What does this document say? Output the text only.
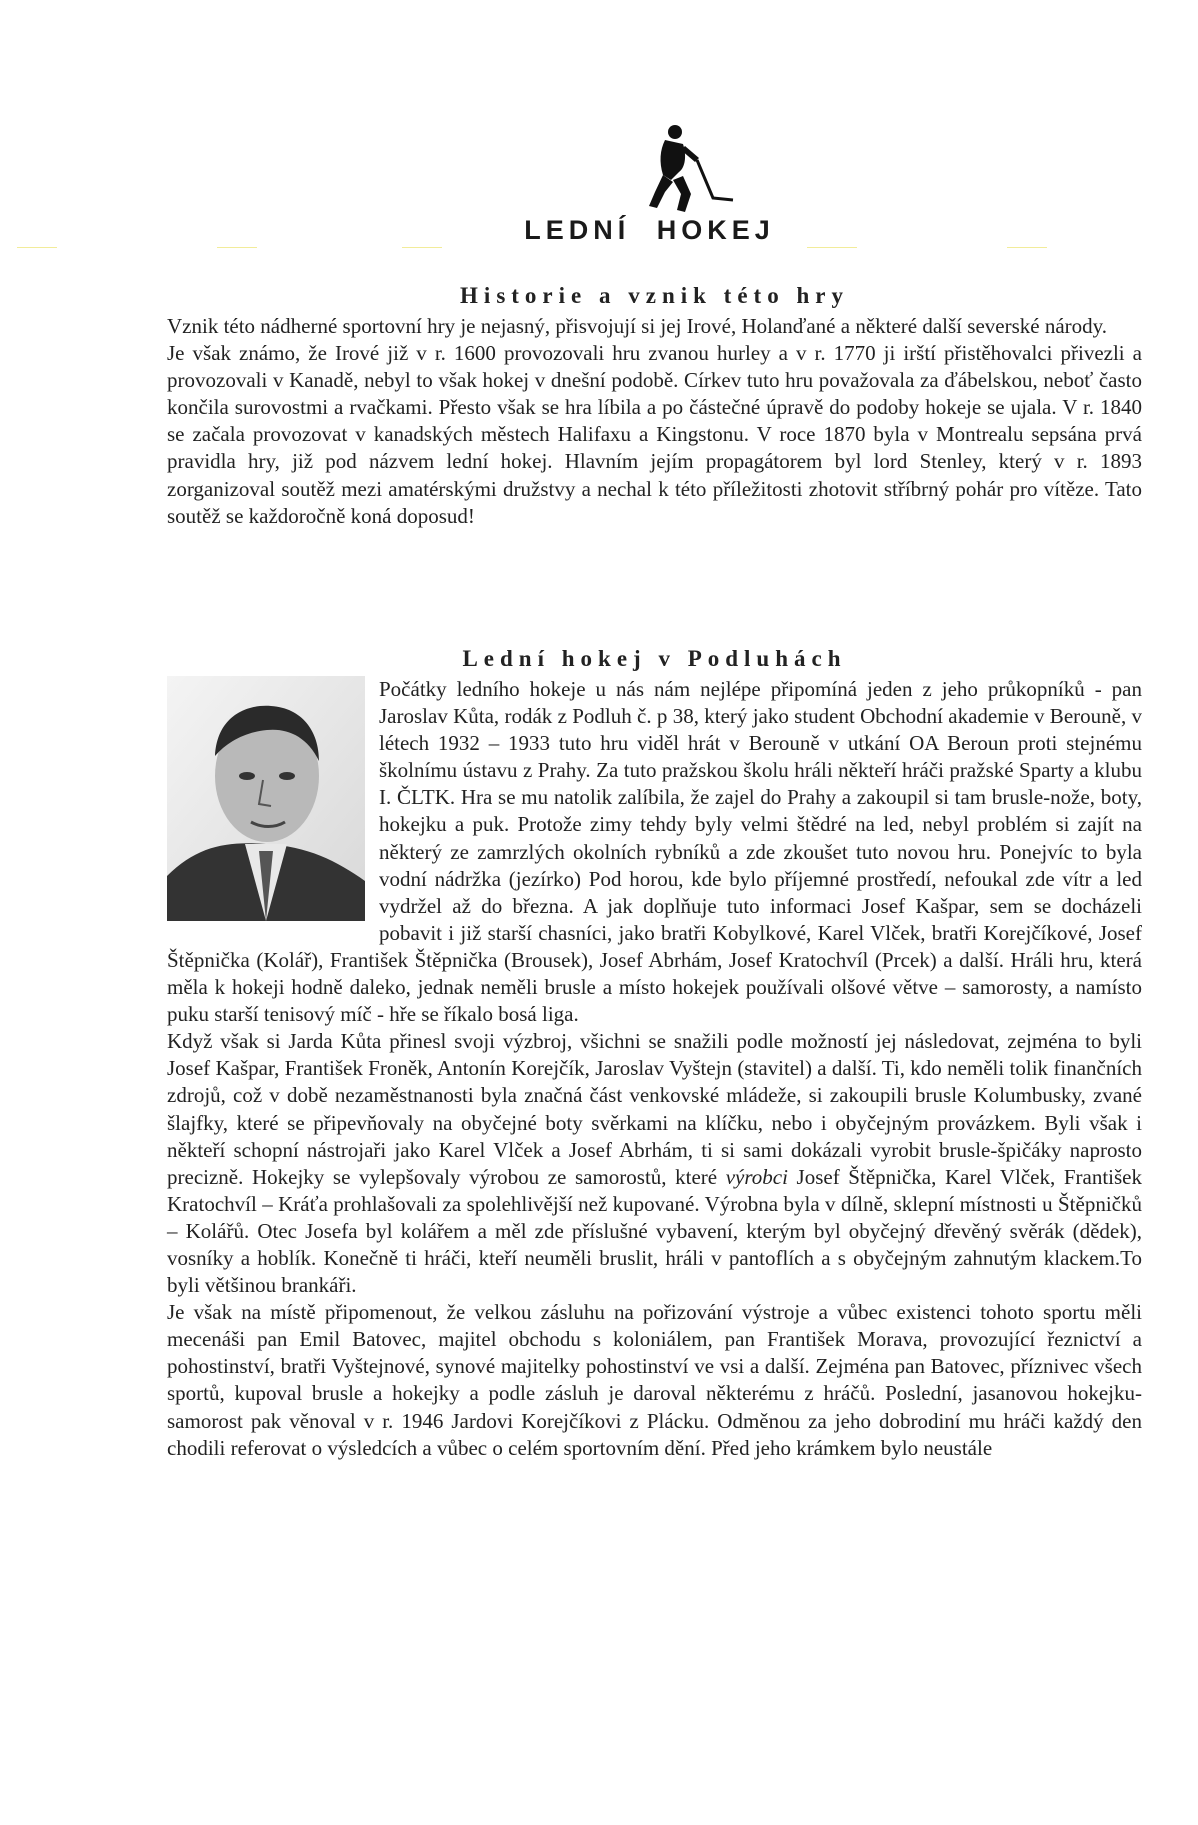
LEDNÍ HOKEJ
Historie a vznik této hry

Vznik této nádherné sportovní hry je nejasný, přisvojují si jej Irové, Holanďané a některé další severské národy.

Je však známo, že Irové již v r. 1600 provozovali hru zvanou hurley a v r. 1770 ji irští přistěhovalci přivezli a provozovali v Kanadě, nebyl to však hokej v dnešní podobě. Církev tuto hru považovala za ďábelskou, neboť často končila surovostmi a rvačkami. Přesto však se hra líbila a po částečné úpravě do podoby hokeje se ujala. V r. 1840 se začala provozovat v kanadských městech Halifaxu a Kingstonu. V roce 1870 byla v Montrealu sepsána prvá pravidla hry, již pod názvem lední hokej. Hlavním jejím propagátorem byl lord Stenley, který v r. 1893 zorganizoval soutěž mezi amatérskými družstvy a nechal k této příležitosti zhotovit stříbrný pohár pro vítěze. Tato soutěž se každoročně koná doposud!

Lední hokej v Podluhách

Počátky ledního hokeje u nás nám nejlépe připomíná jeden z jeho průkopníků - pan Jaroslav Kůta, rodák z Podluh č. p 38, který jako student Obchodní akademie v Berouně, v létech 1932 – 1933 tuto hru viděl hrát v Berouně v utkání OA Beroun proti stejnému školnímu ústavu z Prahy. Za tuto pražskou školu hráli někteří hráči pražské Sparty a klubu I. ČLTK. Hra se mu natolik zalíbila, že zajel do Prahy a zakoupil si tam brusle-nože, boty, hokejku a puk. Protože zimy tehdy byly velmi štědré na led, nebyl problém si zajít na některý ze zamrzlých okolních rybníků a zde zkoušet tuto novou hru. Ponejvíc to byla vodní nádržka (jezírko) Pod horou, kde bylo příjemné prostředí, nefoukal zde vítr a led vydržel až do března. A jak doplňuje tuto informaci Josef Kašpar, sem se docházeli pobavit i již starší chasníci, jako bratři Kobylkové, Karel Vlček, bratři Korejčíkové, Josef Štěpnička (Kolář), František Štěpnička (Brousek), Josef Abrhám, Josef Kratochvíl (Prcek) a další. Hráli hru, která měla k hokeji hodně daleko, jednak neměli brusle a místo hokejek používali olšové větve – samorosty, a namísto puku starší tenisový míč - hře se říkalo bosá liga.

Když však si Jarda Kůta přinesl svoji výzbroj, všichni se snažili podle možností jej následovat, zejména to byli Josef Kašpar, František Froněk, Antonín Korejčík, Jaroslav Vyštejn (stavitel) a další. Ti, kdo neměli tolik finančních zdrojů, což v době nezaměstnanosti byla značná část venkovské mládeže, si zakoupili brusle Kolumbusky, zvané šlajfky, které se připevňovaly na obyčejné boty svěrkami na klíčku, nebo i obyčejným provázkem. Byli však i někteří schopní nástrojaři jako Karel Vlček a Josef Abrhám, ti si sami dokázali vyrobit brusle-špičáky naprosto precizně. Hokejky se vylepšovaly výrobou ze samorostů, které výrobci Josef Štěpnička, Karel Vlček, František Kratochvíl – Kráťa prohlašovali za spolehlivější než kupované. Výrobna byla v dílně, sklepní místnosti u Štěpničků – Kolářů. Otec Josefa byl kolářem a měl zde příslušné vybavení, kterým byl obyčejný dřevěný svěrák (dědek), vosníky a hoblík. Konečně ti hráči, kteří neuměli bruslit, hráli v pantoflích a s obyčejným zahnutým klackem.To byli většinou brankáři.

Je však na místě připomenout, že velkou zásluhu na pořizování výstroje a vůbec existenci tohoto sportu měli mecenáši pan Emil Batovec, majitel obchodu s koloniálem, pan František Morava, provozující řeznictví a pohostinství, bratři Vyštejnové, synové majitelky pohostinství ve vsi a další. Zejména pan Batovec, příznivec všech sportů, kupoval brusle a hokejky a podle zásluh je daroval některému z hráčů. Poslední, jasanovou hokejku-samorost pak věnoval v r. 1946 Jardovi Korejčíkovi z Plácku. Odměnou za jeho dobrodiní mu hráči každý den chodili referovat o výsledcích a vůbec o celém sportovním dění. Před jeho krámkem bylo neustále
